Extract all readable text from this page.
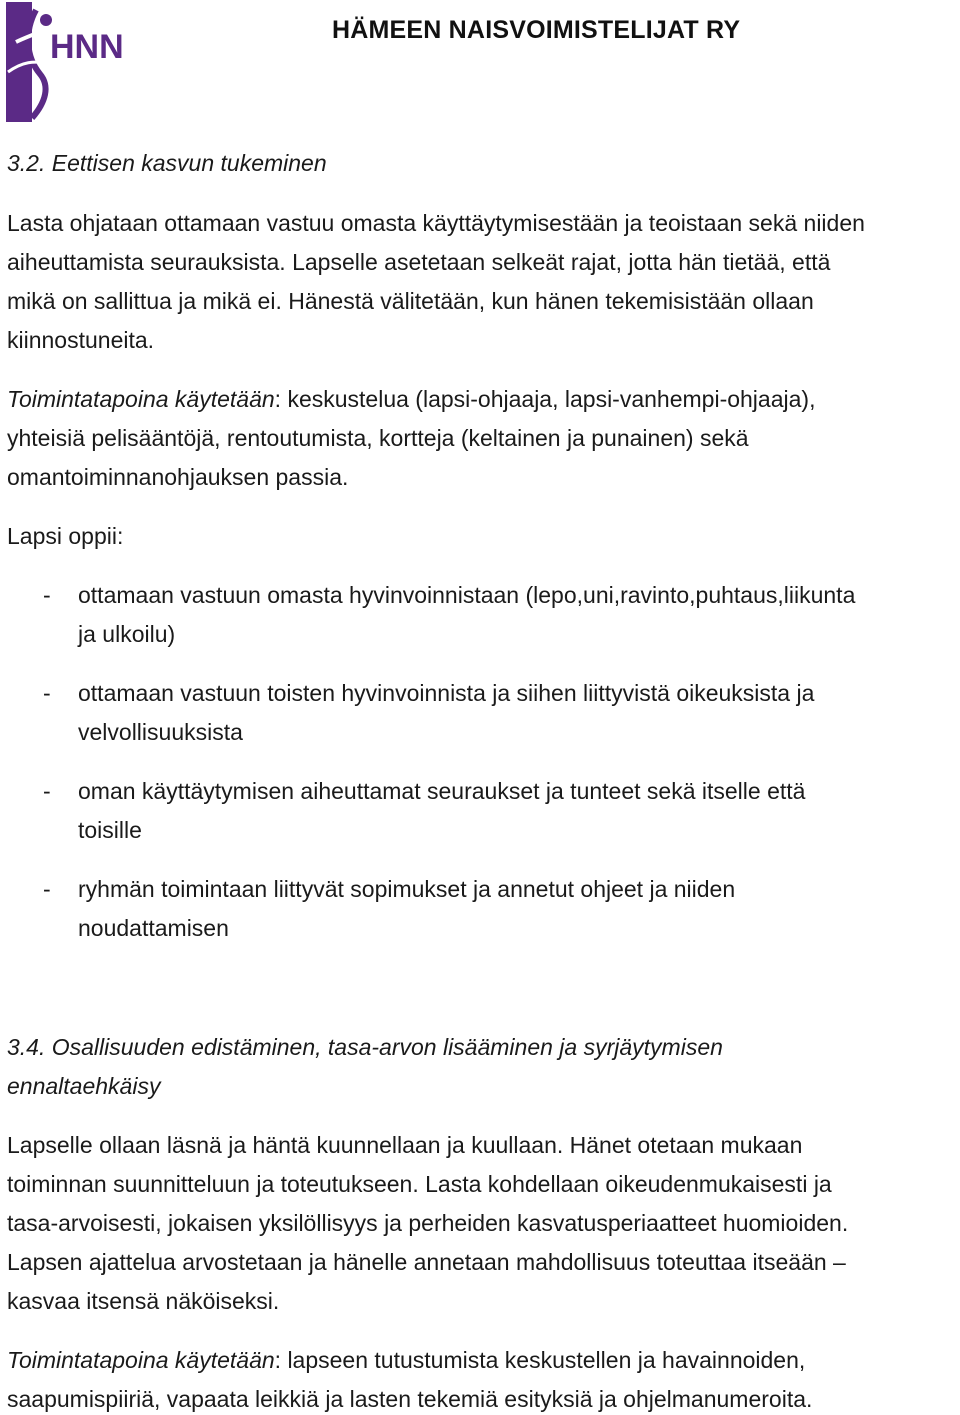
HNN	HÄMEEN NAISVOIMISTELIJAT RY
3.2. Eettisen kasvun tukeminen
Lasta ohjataan ottamaan vastuu omasta käyttäytymisestään ja teoistaan sekä niiden
aiheuttamista seurauksista. Lapselle asetetaan selkeät rajat, jotta hän tietää, että
mikä on sallittua ja mikä ei. Hänestä välitetään, kun hänen tekemisistään ollaan
kiinnostuneita.
Toimintatapoina käytetään: keskustelua (lapsi-ohjaaja, lapsi-vanhempi-ohjaaja),
yhteisiä pelisääntöjä, rentoutumista, kortteja (keltainen ja punainen) sekä
omantoiminnanohjauksen passia.
Lapsi oppii:
- ottamaan vastuun omasta hyvinvoinnistaan (lepo,uni,ravinto,puhtaus,liikunta
ja ulkoilu)
- ottamaan vastuun toisten hyvinvoinnista ja siihen liittyvistä oikeuksista ja
velvollisuuksista
- oman käyttäytymisen aiheuttamat seuraukset ja tunteet sekä itselle että
toisille
- ryhmän toimintaan liittyvät sopimukset ja annetut ohjeet ja niiden
noudattamisen
3.4. Osallisuuden edistäminen, tasa-arvon lisääminen ja syrjäytymisen
ennaltaehkäisy
Lapselle ollaan läsnä ja häntä kuunnellaan ja kuullaan. Hänet otetaan mukaan
toiminnan suunnitteluun ja toteutukseen. Lasta kohdellaan oikeudenmukaisesti ja
tasa-arvoisesti, jokaisen yksilöllisyys ja perheiden kasvatusperiaatteet huomioiden.
Lapsen ajattelua arvostetaan ja hänelle annetaan mahdollisuus toteuttaa itseään –
kasvaa itsensä näköiseksi.
Toimintatapoina käytetään: lapseen tutustumista keskustellen ja havainnoiden,
saapumispiiriä, vapaata leikkiä ja lasten tekemiä esityksiä ja ohjelmanumeroita.
